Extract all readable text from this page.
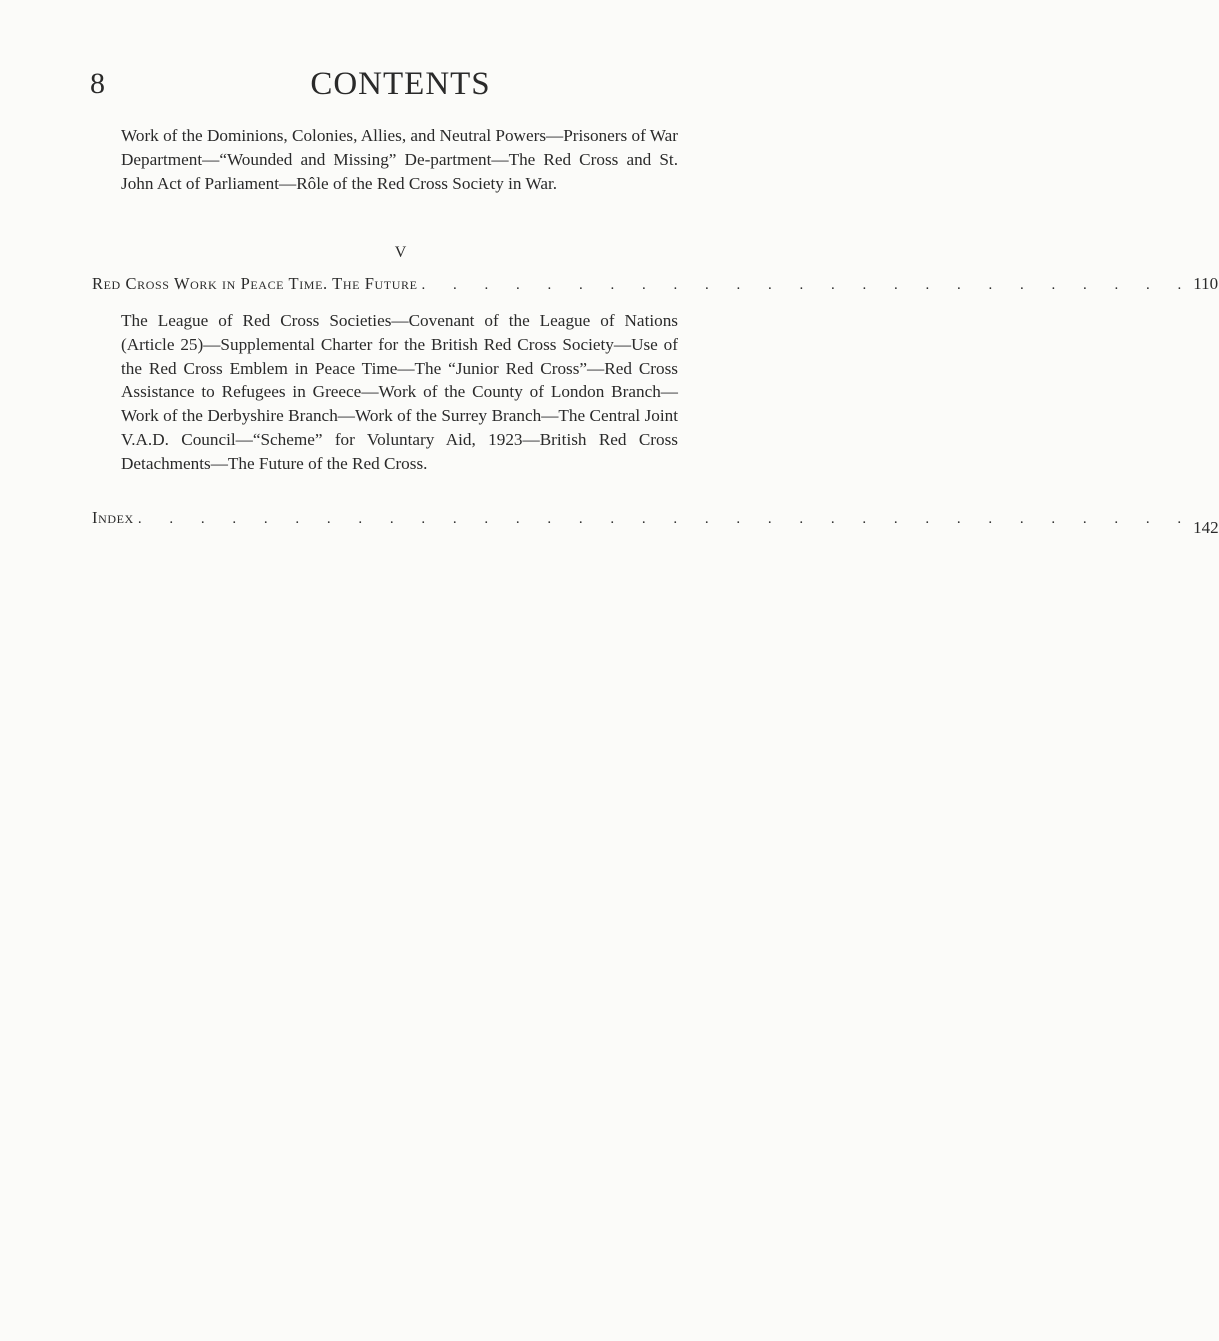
8	CONTENTS
Work of the Dominions, Colonies, Allies, and Neutral Powers—Prisoners of War Department—“Wounded and Missing” De-partment—The Red Cross and St. John Act of Parliament—Rôle of the Red Cross Society in War.
V
Red Cross Work in Peace Time. The Future . . . . . . . . . . . . . . . . . . . . . . . . . 110
The League of Red Cross Societies—Covenant of the League of Nations (Article 25)—Supplemental Charter for the British Red Cross Society—Use of the Red Cross Emblem in Peace Time—The “Junior Red Cross”—Red Cross Assistance to Refugees in Greece—Work of the County of London Branch—Work of the Derbyshire Branch—Work of the Surrey Branch—The Central Joint V.A.D. Council—“Scheme” for Voluntary Aid, 1923—British Red Cross Detachments—The Future of the Red Cross.
Index . . . . . . . . . . . . . . . . . . . . . . . . . . . . . . . . . . 142
